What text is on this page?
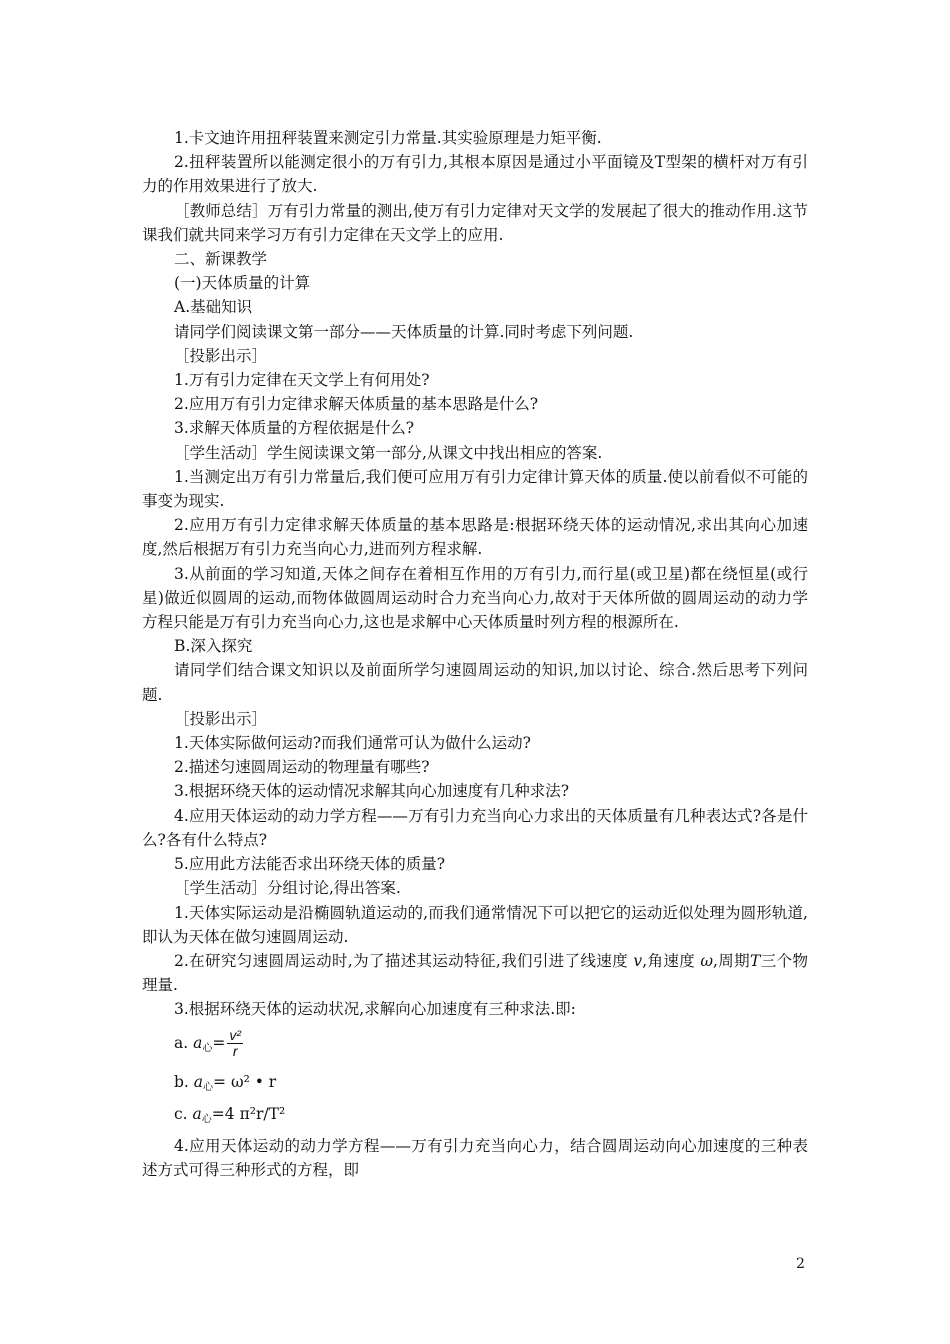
1.卡文迪许用扭秤装置来测定引力常量.其实验原理是力矩平衡.

2.扭秤装置所以能测定很小的万有引力,其根本原因是通过小平面镜及T型架的横杆对万有引力的作用效果进行了放大.

［教师总结］万有引力常量的测出,使万有引力定律对天文学的发展起了很大的推动作用.这节课我们就共同来学习万有引力定律在天文学上的应用.

二、新课教学

(一)天体质量的计算

A.基础知识

请同学们阅读课文第一部分——天体质量的计算.同时考虑下列问题.

［投影出示］

1.万有引力定律在天文学上有何用处?

2.应用万有引力定律求解天体质量的基本思路是什么?

3.求解天体质量的方程依据是什么?

［学生活动］学生阅读课文第一部分,从课文中找出相应的答案.

1.当测定出万有引力常量后,我们便可应用万有引力定律计算天体的质量.使以前看似不可能的事变为现实.

2.应用万有引力定律求解天体质量的基本思路是:根据环绕天体的运动情况,求出其向心加速度,然后根据万有引力充当向心力,进而列方程求解.

3.从前面的学习知道,天体之间存在着相互作用的万有引力,而行星(或卫星)都在绕恒星(或行星)做近似圆周的运动,而物体做圆周运动时合力充当向心力,故对于天体所做的圆周运动的动力学方程只能是万有引力充当向心力,这也是求解中心天体质量时列方程的根源所在.

B.深入探究

请同学们结合课文知识以及前面所学匀速圆周运动的知识,加以讨论、综合.然后思考下列问题.

［投影出示］

1.天体实际做何运动?而我们通常可认为做什么运动?

2.描述匀速圆周运动的物理量有哪些?

3.根据环绕天体的运动情况求解其向心加速度有几种求法?

4.应用天体运动的动力学方程——万有引力充当向心力求出的天体质量有几种表达式?各是什么?各有什么特点?

5.应用此方法能否求出环绕天体的质量?

［学生活动］分组讨论,得出答案.

1.天体实际运动是沿椭圆轨道运动的,而我们通常情况下可以把它的运动近似处理为圆形轨道,即认为天体在做匀速圆周运动.

2.在研究匀速圆周运动时,为了描述其运动特征,我们引进了线速度 v,角速度 ω,周期T三个物理量.

3.根据环绕天体的运动状况,求解向心加速度有三种求法.即:

a. $a_心= \frac{\text{v²}}{r}$

b. $a_心= \omega^2$ • r

c. $a_心=4$ π²r/T²

4.应用天体运动的动力学方程——万有引力充当向心力，结合圆周运动向心加速度的三种表述方式可得三种形式的方程，即

2
